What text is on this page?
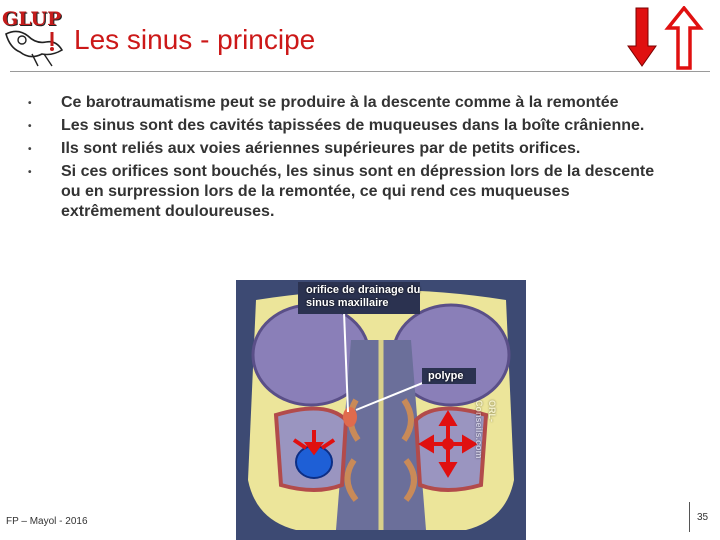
GLUP
Les sinus - principe
• Ce barotraumatisme peut se produire à la descente comme à la remontée
• Les sinus sont des cavités tapissées de muqueuses dans la boîte crânienne.
• Ils sont reliés aux voies aériennes supérieures par de petits orifices.
• Si ces orifices sont bouchés, les sinus sont en dépression lors de la descente ou en surpression lors de la remontée, ce qui rend ces muqueuses extrêmement douloureuses.
orifice de drainage du sinus maxillaire
polype
ORL-Conseils.com
FP – Mayol - 2016	35
